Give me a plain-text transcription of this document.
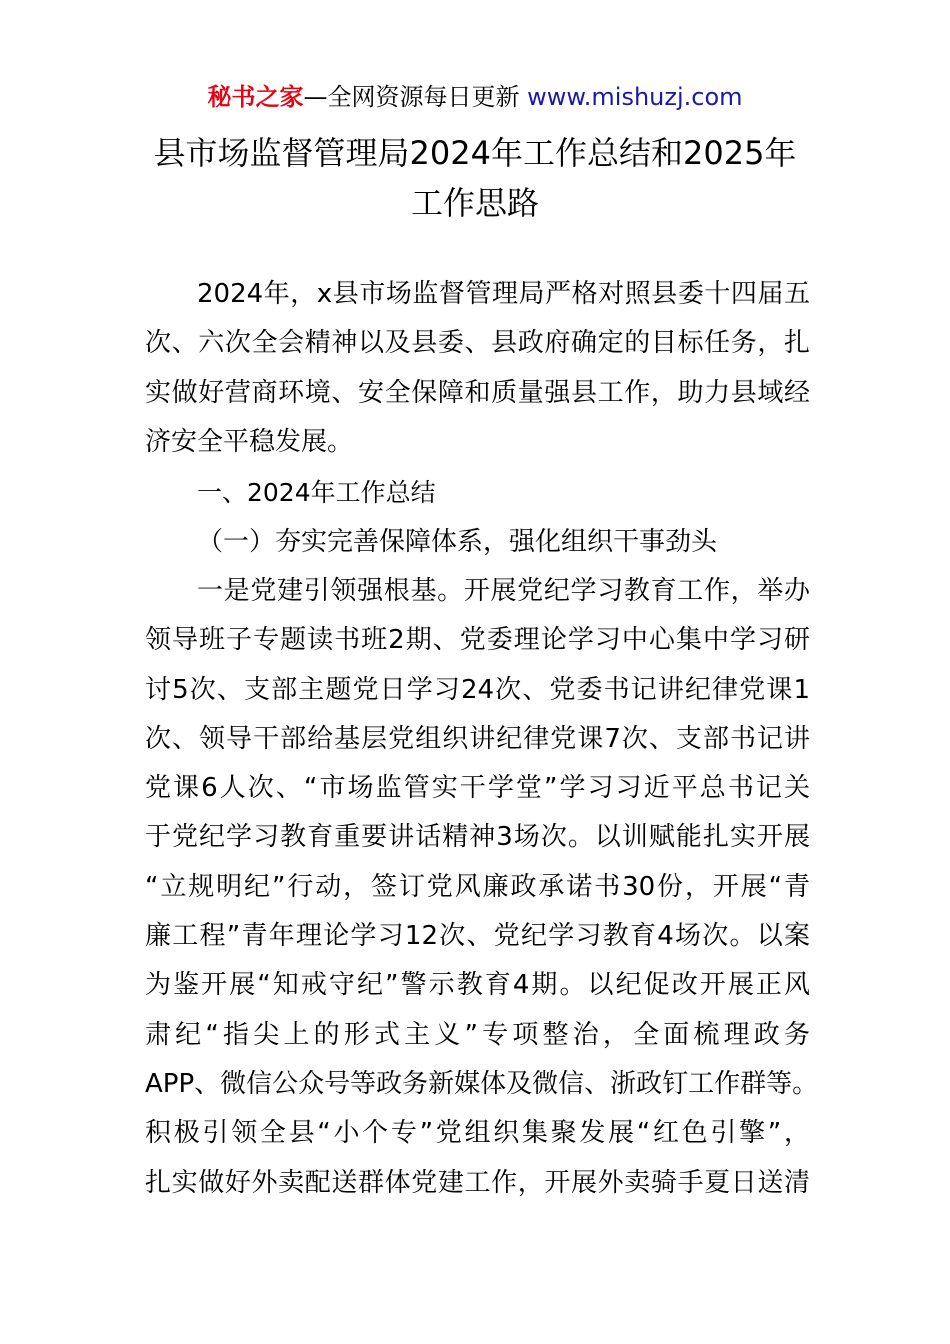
秘书之家—全网资源每日更新 www.mishuzj.com
县市场监督管理局2024年工作总结和2025年
工作思路
2024年，x县市场监督管理局严格对照县委十四届五
次、六次全会精神以及县委、县政府确定的目标任务，扎
实做好营商环境、安全保障和质量强县工作，助力县域经
济安全平稳发展。
一、2024年工作总结
（一）夯实完善保障体系，强化组织干事劲头
一是党建引领强根基。开展党纪学习教育工作，举办
领导班子专题读书班2期、党委理论学习中心集中学习研
讨5次、支部主题党日学习24次、党委书记讲纪律党课1
次、领导干部给基层党组织讲纪律党课7次、支部书记讲
党课6人次、“市场监管实干学堂”学习习近平总书记关
于党纪学习教育重要讲话精神3场次。以训赋能扎实开展
“立规明纪”行动，签订党风廉政承诺书30份，开展“青
廉工程”青年理论学习12次、党纪学习教育4场次。以案
为鉴开展“知戒守纪”警示教育4期。以纪促改开展正风
肃纪“指尖上的形式主义”专项整治，全面梳理政务
APP、微信公众号等政务新媒体及微信、浙政钉工作群等。
积极引领全县“小个专”党组织集聚发展“红色引擎”，
扎实做好外卖配送群体党建工作，开展外卖骑手夏日送清
